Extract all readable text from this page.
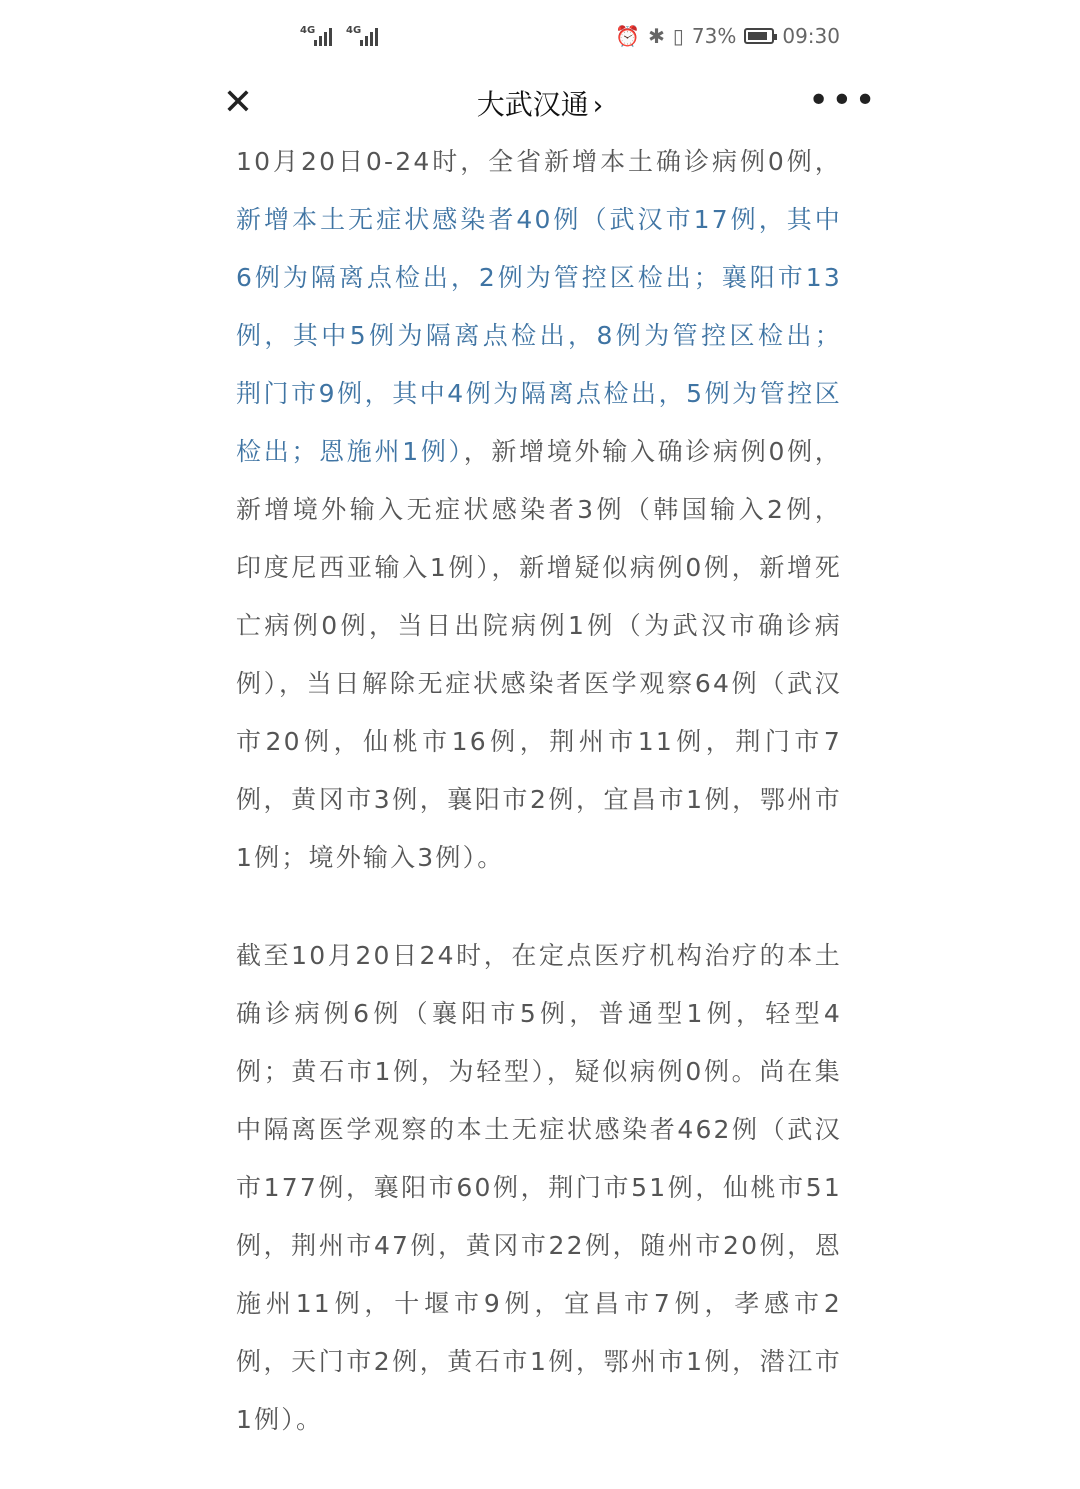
4G	4G	⏰ ✱ ▯ 73% 09:30
✕	大武汉通 ›	•••

10月20日0-24时，全省新增本土确诊病例0例，新增本土无症状感染者40例（武汉市17例，其中6例为隔离点检出，2例为管控区检出；襄阳市13例，其中5例为隔离点检出，8例为管控区检出；荆门市9例，其中4例为隔离点检出，5例为管控区检出；恩施州1例），新增境外输入确诊病例0例，新增境外输入无症状感染者3例（韩国输入2例，印度尼西亚输入1例），新增疑似病例0例，新增死亡病例0例，当日出院病例1例（为武汉市确诊病例），当日解除无症状感染者医学观察64例（武汉市20例，仙桃市16例，荆州市11例，荆门市7例，黄冈市3例，襄阳市2例，宜昌市1例，鄂州市1例；境外输入3例）。

截至10月20日24时，在定点医疗机构治疗的本土确诊病例6例（襄阳市5例，普通型1例，轻型4例；黄石市1例，为轻型），疑似病例0例。尚在集中隔离医学观察的本土无症状感染者462例（武汉市177例，襄阳市60例，荆门市51例，仙桃市51例，荆州市47例，黄冈市22例，随州市20例，恩施州11例，十堰市9例，宜昌市7例，孝感市2例，天门市2例，黄石市1例，鄂州市1例，潜江市1例）。
